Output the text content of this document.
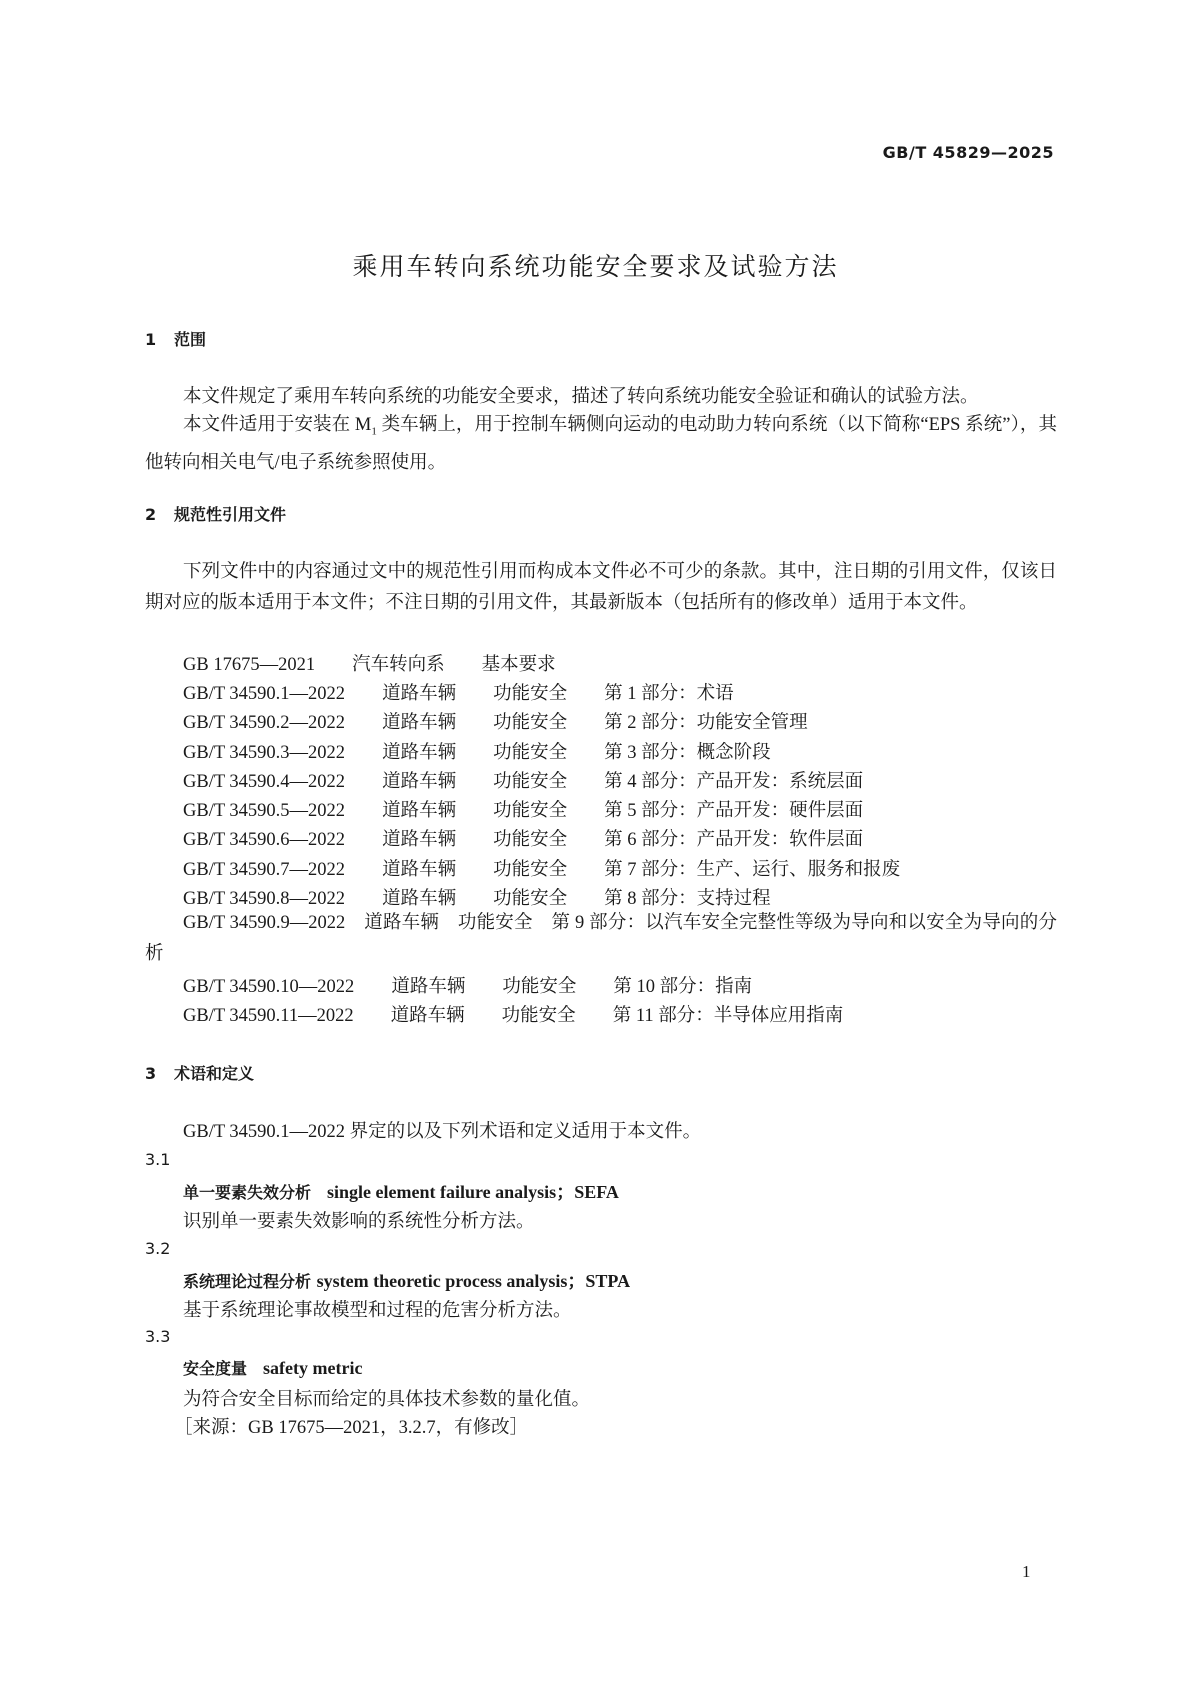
GB/T 45829—2025
乘用车转向系统功能安全要求及试验方法
1 范围
本文件规定了乘用车转向系统的功能安全要求，描述了转向系统功能安全验证和确认的试验方法。
本文件适用于安装在 $M_1$ 类车辆上，用于控制车辆侧向运动的电动助力转向系统（以下简称“EPS 系统”），其他转向相关电气/电子系统参照使用。
2 规范性引用文件
下列文件中的内容通过文中的规范性引用而构成本文件必不可少的条款。其中，注日期的引用文件，仅该日期对应的版本适用于本文件；不注日期的引用文件，其最新版本（包括所有的修改单）适用于本文件。
GB 17675—2021　　 汽车转向系　　 基本要求
GB/T 34590.1—2022　　 道路车辆　　 功能安全　　 第 1 部分：术语
GB/T 34590.2—2022　　 道路车辆　　 功能安全　　 第 2 部分：功能安全管理
GB/T 34590.3—2022　　 道路车辆　　 功能安全　　 第 3 部分：概念阶段
GB/T 34590.4—2022　　 道路车辆　　 功能安全　　 第 4 部分：产品开发：系统层面
GB/T 34590.5—2022　　 道路车辆　　 功能安全　　 第 5 部分：产品开发：硬件层面
GB/T 34590.6—2022　　 道路车辆　　 功能安全　　 第 6 部分：产品开发：软件层面
GB/T 34590.7—2022　　 道路车辆　　 功能安全　　 第 7 部分：生产、运行、服务和报废
GB/T 34590.8—2022　　 道路车辆　　 功能安全　　 第 8 部分：支持过程
GB/T 34590.9—2022　道路车辆　功能安全　第 9 部分：以汽车安全完整性等级为导向和以安全为导向的分析
GB/T 34590.10—2022　　 道路车辆　　 功能安全　　 第 10 部分：指南
GB/T 34590.11—2022　　 道路车辆　　 功能安全　　 第 11 部分：半导体应用指南
3 术语和定义
GB/T 34590.1—2022 界定的以及下列术语和定义适用于本文件。
3.1
单一要素失效分析　 single element failure analysis；SEFA
识别单一要素失效影响的系统性分析方法。
3.2
系统理论过程分析 system theoretic process analysis；STPA
基于系统理论事故模型和过程的危害分析方法。
3.3
安全度量　 safety metric
为符合安全目标而给定的具体技术参数的量化值。
［来源：GB 17675—2021，3.2.7，有修改］
1
